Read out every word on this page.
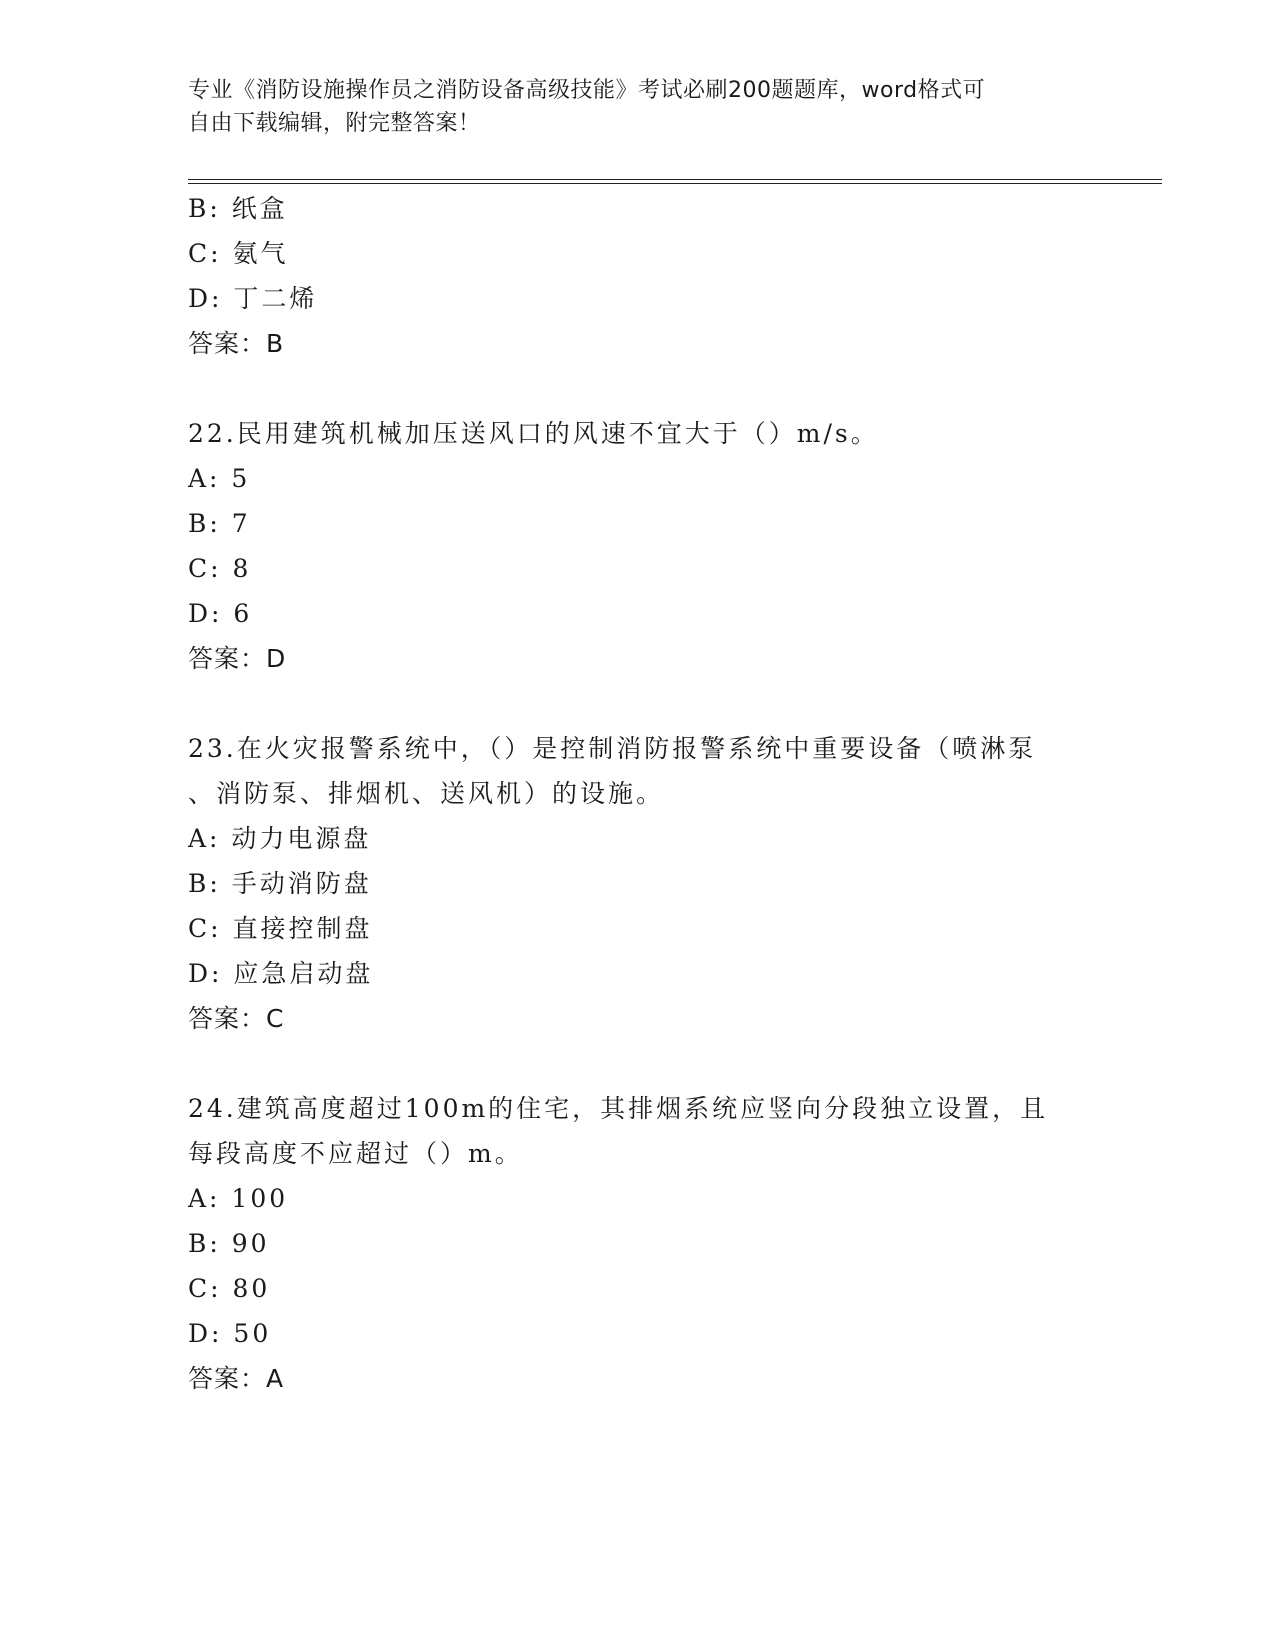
专业《消防设施操作员之消防设备高级技能》考试必刷200题题库，word格式可
自由下载编辑，附完整答案！
B: 纸盒
C: 氨气
D: 丁二烯
答案：B
22.民用建筑机械加压送风口的风速不宜大于（）m/s。
A: 5
B: 7
C: 8
D: 6
答案：D
23.在火灾报警系统中，（）是控制消防报警系统中重要设备（喷淋泵
、消防泵、排烟机、送风机）的设施。
A: 动力电源盘
B: 手动消防盘
C: 直接控制盘
D: 应急启动盘
答案：C
24.建筑高度超过100m的住宅，其排烟系统应竖向分段独立设置，且
每段高度不应超过（）m。
A: 100
B: 90
C: 80
D: 50
答案：A
